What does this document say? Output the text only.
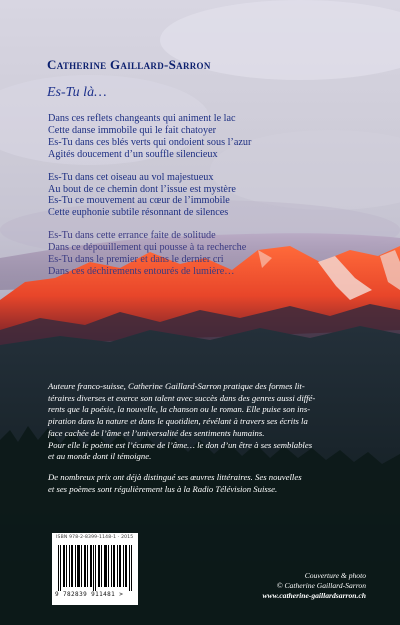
Catherine Gaillard-Sarron
Es-Tu là…
Dans ces reflets changeants qui animent le lac
Cette danse immobile qui le fait chatoyer
Es-Tu dans ces blés verts qui ondoient sous l’azur
Agités doucement d’un souffle silencieux
Es-Tu dans cet oiseau au vol majestueux
Au bout de ce chemin dont l’issue est mystère
Es-Tu ce mouvement au cœur de l’immobile
Cette euphonie subtile résonnant de silences
Es-Tu dans cette errance faite de solitude
Dans ce dépouillement qui pousse à ta recherche
Es-Tu dans le premier et dans le dernier cri
Dans ces déchirements entourés de lumière…

Auteure franco-suisse, Catherine Gaillard-Sarron pratique des formes lit-
téraires diverses et exerce son talent avec succès dans des genres aussi diffé-
rents que la poésie, la nouvelle, la chanson ou le roman. Elle puise son ins-
piration dans la nature et dans le quotidien, révélant à travers ses écrits la
face cachée de l’âme et l’universalité des sentiments humains.
Pour elle le poème est l’écume de l’âme… le don d’un être à ses semblables
et au monde dont il témoigne.

De nombreux prix ont déjà distingué ses œuvres littéraires. Ses nouvelles
et ses poèmes sont régulièrement lus à la Radio Télévision Suisse.

ISBN 978-2-8399-1148-1 · 2015
9 782839 911481 >
Couverture & photo
© Catherine Gaillard-Sarron
www.catherine-gaillardsarron.ch
